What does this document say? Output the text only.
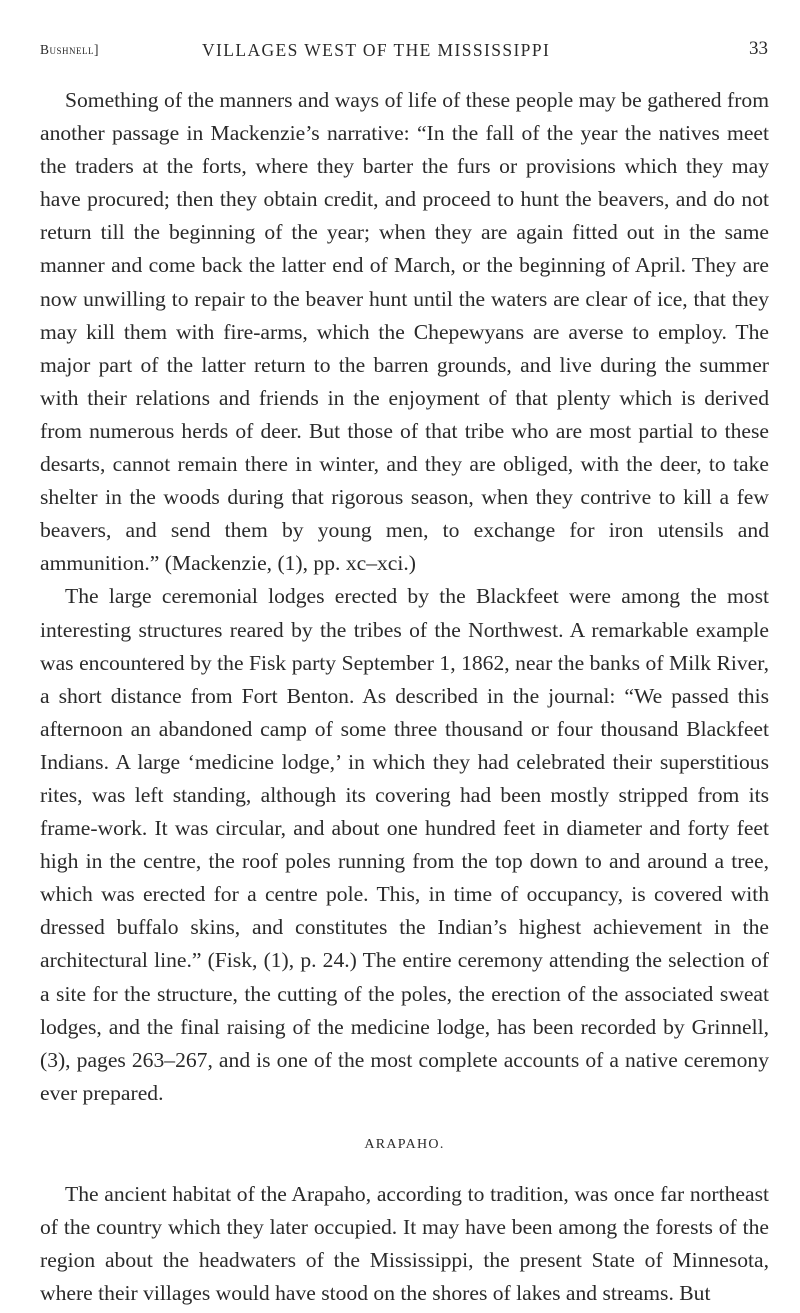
Bushnell]	VILLAGES WEST OF THE MISSISSIPPI	33

Something of the manners and ways of life of these people may be gathered from another passage in Mackenzie’s narrative: “In the fall of the year the natives meet the traders at the forts, where they barter the furs or provisions which they may have procured; then they obtain credit, and proceed to hunt the beavers, and do not return till the beginning of the year; when they are again fitted out in the same manner and come back the latter end of March, or the beginning of April. They are now unwilling to repair to the beaver hunt until the waters are clear of ice, that they may kill them with fire-arms, which the Chepewyans are averse to employ. The major part of the latter return to the barren grounds, and live during the summer with their relations and friends in the enjoyment of that plenty which is derived from numerous herds of deer. But those of that tribe who are most partial to these desarts, cannot remain there in winter, and they are obliged, with the deer, to take shelter in the woods during that rigorous season, when they contrive to kill a few beavers, and send them by young men, to exchange for iron utensils and ammunition.” (Mackenzie, (1), pp. xc–xci.)

The large ceremonial lodges erected by the Blackfeet were among the most interesting structures reared by the tribes of the Northwest. A remarkable example was encountered by the Fisk party September 1, 1862, near the banks of Milk River, a short distance from Fort Benton. As described in the journal: “We passed this afternoon an abandoned camp of some three thousand or four thousand Blackfeet Indians. A large ‘medicine lodge,’ in which they had celebrated their superstitious rites, was left standing, although its covering had been mostly stripped from its frame-work. It was circular, and about one hundred feet in diameter and forty feet high in the centre, the roof poles running from the top down to and around a tree, which was erected for a centre pole. This, in time of occupancy, is covered with dressed buffalo skins, and constitutes the Indian’s highest achievement in the architectural line.” (Fisk, (1), p. 24.) The entire ceremony attending the selection of a site for the structure, the cutting of the poles, the erection of the associated sweat lodges, and the final raising of the medicine lodge, has been recorded by Grinnell, (3), pages 263–267, and is one of the most complete accounts of a native ceremony ever prepared.

ARAPAHO.

The ancient habitat of the Arapaho, according to tradition, was once far northeast of the country which they later occupied. It may have been among the forests of the region about the headwaters of the Mississippi, the present State of Minnesota, where their villages would have stood on the shores of lakes and streams. But
